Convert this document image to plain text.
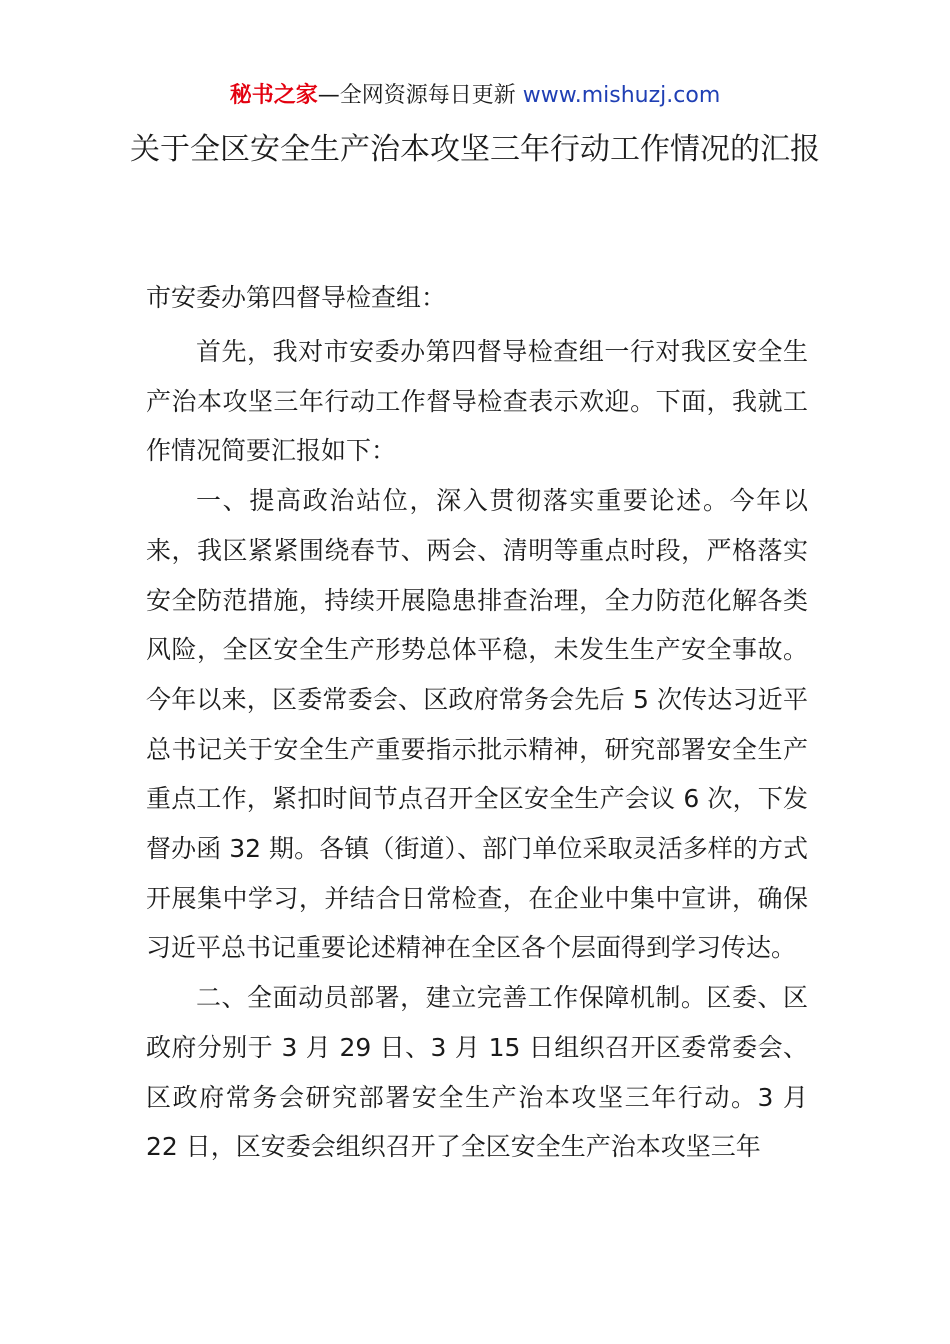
秘书之家—全网资源每日更新 www.mishuzj.com
关于全区安全生产治本攻坚三年行动工作情况的汇报

市安委办第四督导检查组：

首先，我对市安委办第四督导检查组一行对我区安全生产治本攻坚三年行动工作督导检查表示欢迎。下面，我就工作情况简要汇报如下：

一、提高政治站位，深入贯彻落实重要论述。今年以来，我区紧紧围绕春节、两会、清明等重点时段，严格落实安全防范措施，持续开展隐患排查治理，全力防范化解各类风险，全区安全生产形势总体平稳，未发生生产安全事故。今年以来，区委常委会、区政府常务会先后 5 次传达习近平总书记关于安全生产重要指示批示精神，研究部署安全生产重点工作，紧扣时间节点召开全区安全生产会议 6 次，下发督办函 32 期。各镇（街道）、部门单位采取灵活多样的方式开展集中学习，并结合日常检查，在企业中集中宣讲，确保习近平总书记重要论述精神在全区各个层面得到学习传达。

二、全面动员部署，建立完善工作保障机制。区委、区政府分别于 3 月 29 日、3 月 15 日组织召开区委常委会、区政府常务会研究部署安全生产治本攻坚三年行动。3 月 22 日，区安委会组织召开了全区安全生产治本攻坚三年
